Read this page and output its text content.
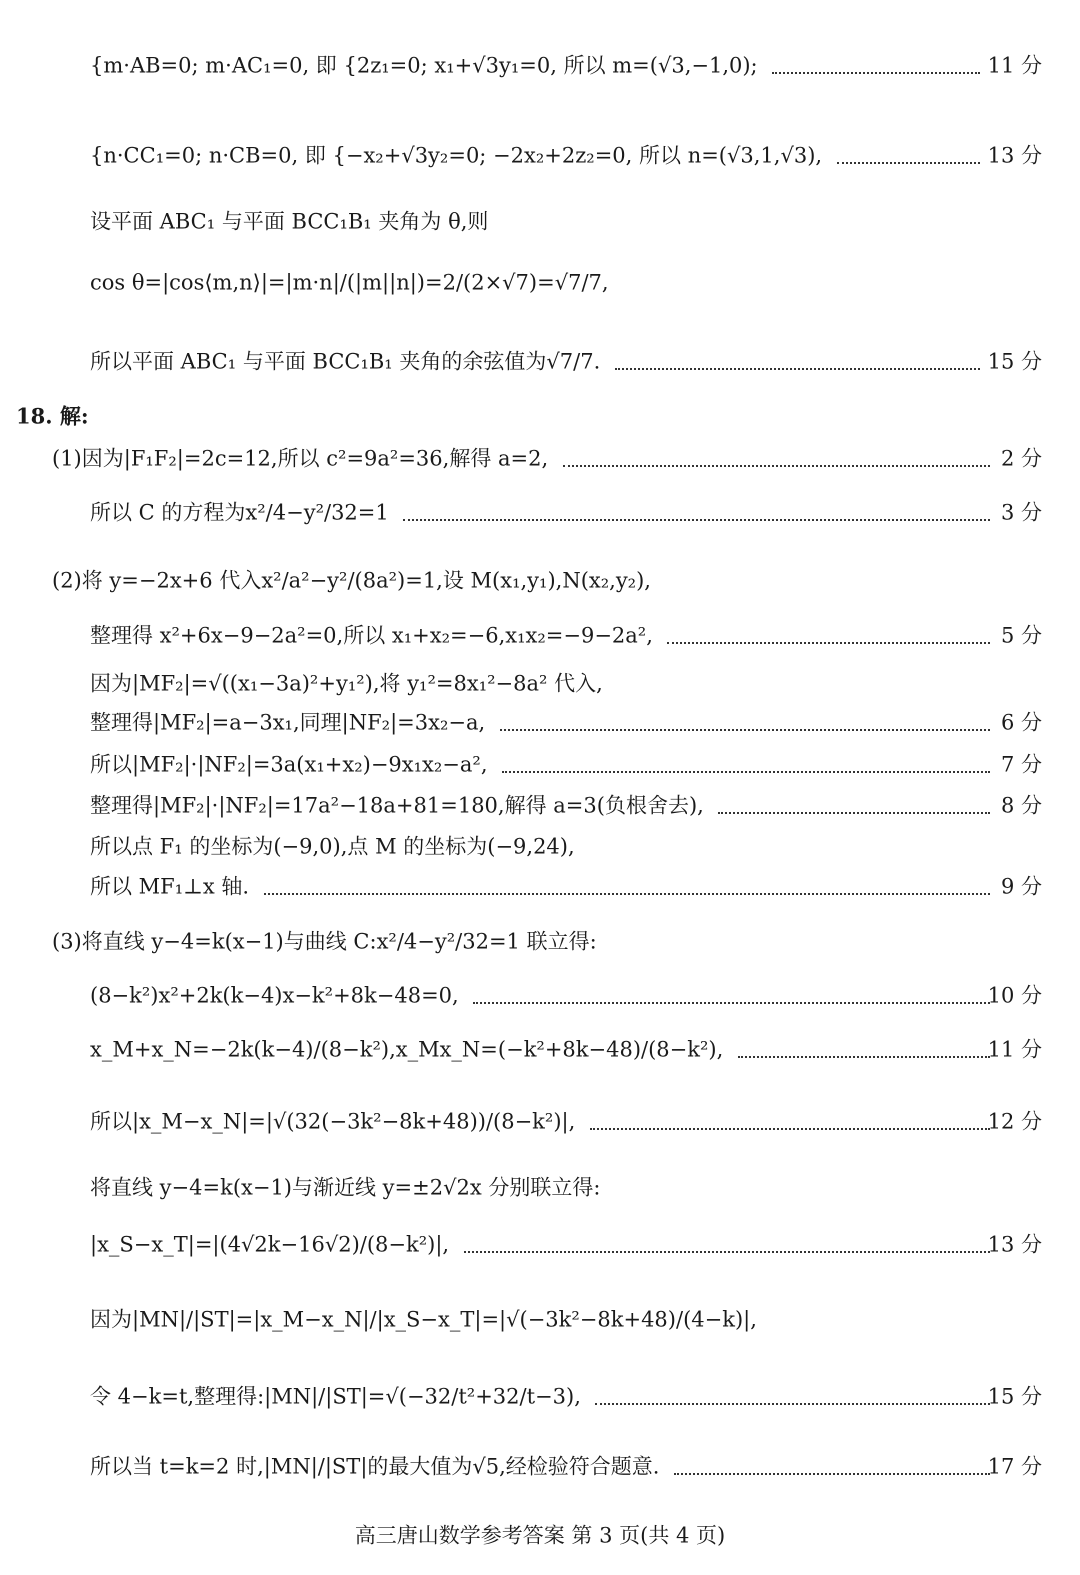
{m·AB=0; m·AC₁=0, 即 {2z₁=0; x₁+√3y₁=0, 所以 m=(√3,−1,0);	11 分
{n·CC₁=0; n·CB=0, 即 {−x₂+√3y₂=0; −2x₂+2z₂=0, 所以 n=(√3,1,√3),	13 分
设平面 ABC₁ 与平面 BCC₁B₁ 夹角为 θ,则
cos θ=|cos⟨m,n⟩|=|m·n|/(|m||n|)=2/(2×√7)=√7/7,
所以平面 ABC₁ 与平面 BCC₁B₁ 夹角的余弦值为√7/7.	15 分
18. 解:
(1)因为|F₁F₂|=2c=12,所以 c²=9a²=36,解得 a=2,	2 分
所以 C 的方程为x²/4−y²/32=1	3 分
(2)将 y=−2x+6 代入x²/a²−y²/(8a²)=1,设 M(x₁,y₁),N(x₂,y₂),
整理得 x²+6x−9−2a²=0,所以 x₁+x₂=−6,x₁x₂=−9−2a²,	5 分
因为|MF₂|=√((x₁−3a)²+y₁²),将 y₁²=8x₁²−8a² 代入,
整理得|MF₂|=a−3x₁,同理|NF₂|=3x₂−a,	6 分
所以|MF₂|·|NF₂|=3a(x₁+x₂)−9x₁x₂−a²,	7 分
整理得|MF₂|·|NF₂|=17a²−18a+81=180,解得 a=3(负根舍去),	8 分
所以点 F₁ 的坐标为(−9,0),点 M 的坐标为(−9,24),
所以 MF₁⊥x 轴.	9 分
(3)将直线 y−4=k(x−1)与曲线 C:x²/4−y²/32=1 联立得:
(8−k²)x²+2k(k−4)x−k²+8k−48=0,	10 分
x_M+x_N=−2k(k−4)/(8−k²),x_Mx_N=(−k²+8k−48)/(8−k²),	11 分
所以|x_M−x_N|=|√(32(−3k²−8k+48))/(8−k²)|,	12 分
将直线 y−4=k(x−1)与渐近线 y=±2√2x 分别联立得:
|x_S−x_T|=|(4√2k−16√2)/(8−k²)|,	13 分
因为|MN|/|ST|=|x_M−x_N|/|x_S−x_T|=|√(−3k²−8k+48)/(4−k)|,
令 4−k=t,整理得:|MN|/|ST|=√(−32/t²+32/t−3),	15 分
所以当 t=k=2 时,|MN|/|ST|的最大值为√5,经检验符合题意.	17 分
高三唐山数学参考答案 第 3 页(共 4 页)
